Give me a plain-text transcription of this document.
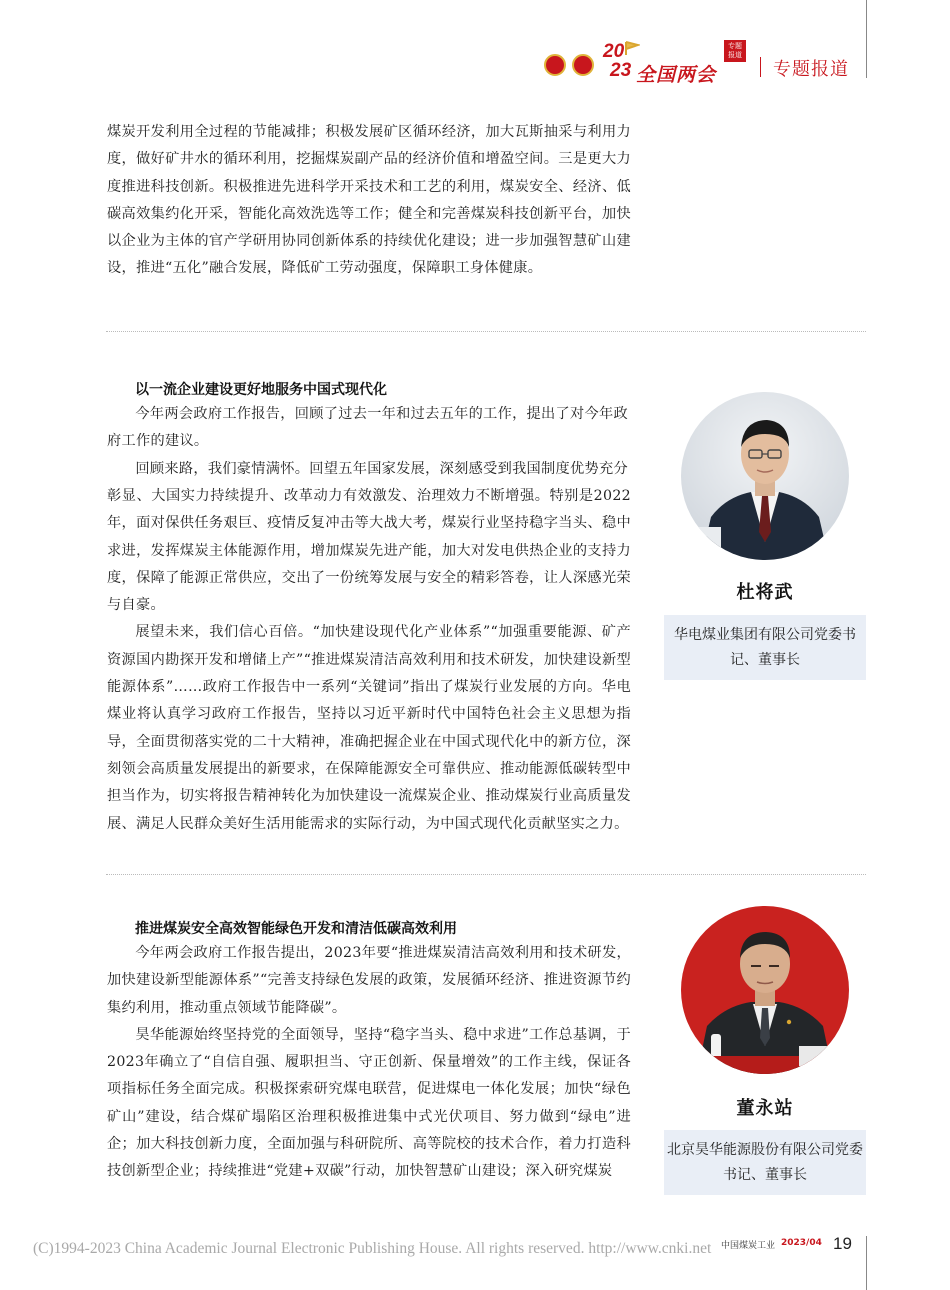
20
23 全国两会
专题
报道
专题报道

煤炭开发利用全过程的节能减排；积极发展矿区循环经济，加大瓦斯抽采与利用力度，做好矿井水的循环利用，挖掘煤炭副产品的经济价值和增盈空间。三是更大力度推进科技创新。积极推进先进科学开采技术和工艺的利用，煤炭安全、经济、低碳高效集约化开采，智能化高效洗选等工作；健全和完善煤炭科技创新平台，加快以企业为主体的官产学研用协同创新体系的持续优化建设；进一步加强智慧矿山建设，推进“五化”融合发展，降低矿工劳动强度，保障职工身体健康。

以一流企业建设更好地服务中国式现代化

今年两会政府工作报告，回顾了过去一年和过去五年的工作，提出了对今年政

府工作的建议。

回顾来路，我们豪情满怀。回望五年国家发展，深刻感受到我国制度优势充分

彰显、大国实力持续提升、改革动力有效激发、治理效力不断增强。特别是2022年，面对保供任务艰巨、疫情反复冲击等大战大考，煤炭行业坚持稳字当头、稳中求进，发挥煤炭主体能源作用，增加煤炭先进产能，加大对发电供热企业的支持力度，保障了能源正常供应，交出了一份统筹发展与安全的精彩答卷，让人深感光荣与自豪。

展望未来，我们信心百倍。“加快建设现代化产业体系”“加强重要能源、矿产资源国内勘探开发和增储上产”“推进煤炭清洁高效利用和技术研发，加快建设新型能源体系”……政府工作报告中一系列“关键词”指出了煤炭行业发展的方向。华电煤业将认真学习政府工作报告，坚持以习近平新时代中国特色社会主义思想为指导，全面贯彻落实党的二十大精神，准确把握企业在中国式现代化中的新方位，深刻领会高质量发展提出的新要求，在保障能源安全可靠供应、推动能源低碳转型中担当作为，切实将报告精神转化为加快建设一流煤炭企业、推动煤炭行业高质量发展、满足人民群众美好生活用能需求的实际行动，为中国式现代化贡献坚实之力。

杜将武
华电煤业集团有限公司党委书记、董事长
推进煤炭安全高效智能绿色开发和清洁低碳高效利用

今年两会政府工作报告提出，2023年要“推进煤炭清洁高效利用和技术研发，加快建设新型能源体系”“完善支持绿色发展的政策，发展循环经济、推进资源节约集约利用，推动重点领域节能降碳”。

昊华能源始终坚持党的全面领导，坚持“稳字当头、稳中求进”工作总基调，于2023年确立了“自信自强、履职担当、守正创新、保量增效”的工作主线，保证各项指标任务全面完成。积极探索研究煤电联营，促进煤电一体化发展；加快“绿色矿山”建设，结合煤矿塌陷区治理积极推进集中式光伏项目、努力做到“绿电”进企；加大科技创新力度，全面加强与科研院所、高等院校的技术合作，着力打造科技创新型企业；持续推进“党建+双碳”行动，加快智慧矿山建设；深入研究煤炭

董永站
北京昊华能源股份有限公司党委书记、董事长
(C)1994-2023 China Academic Journal Electronic Publishing House. All rights reserved. http://www.cnki.net 中国煤炭工业 2023/04 19
